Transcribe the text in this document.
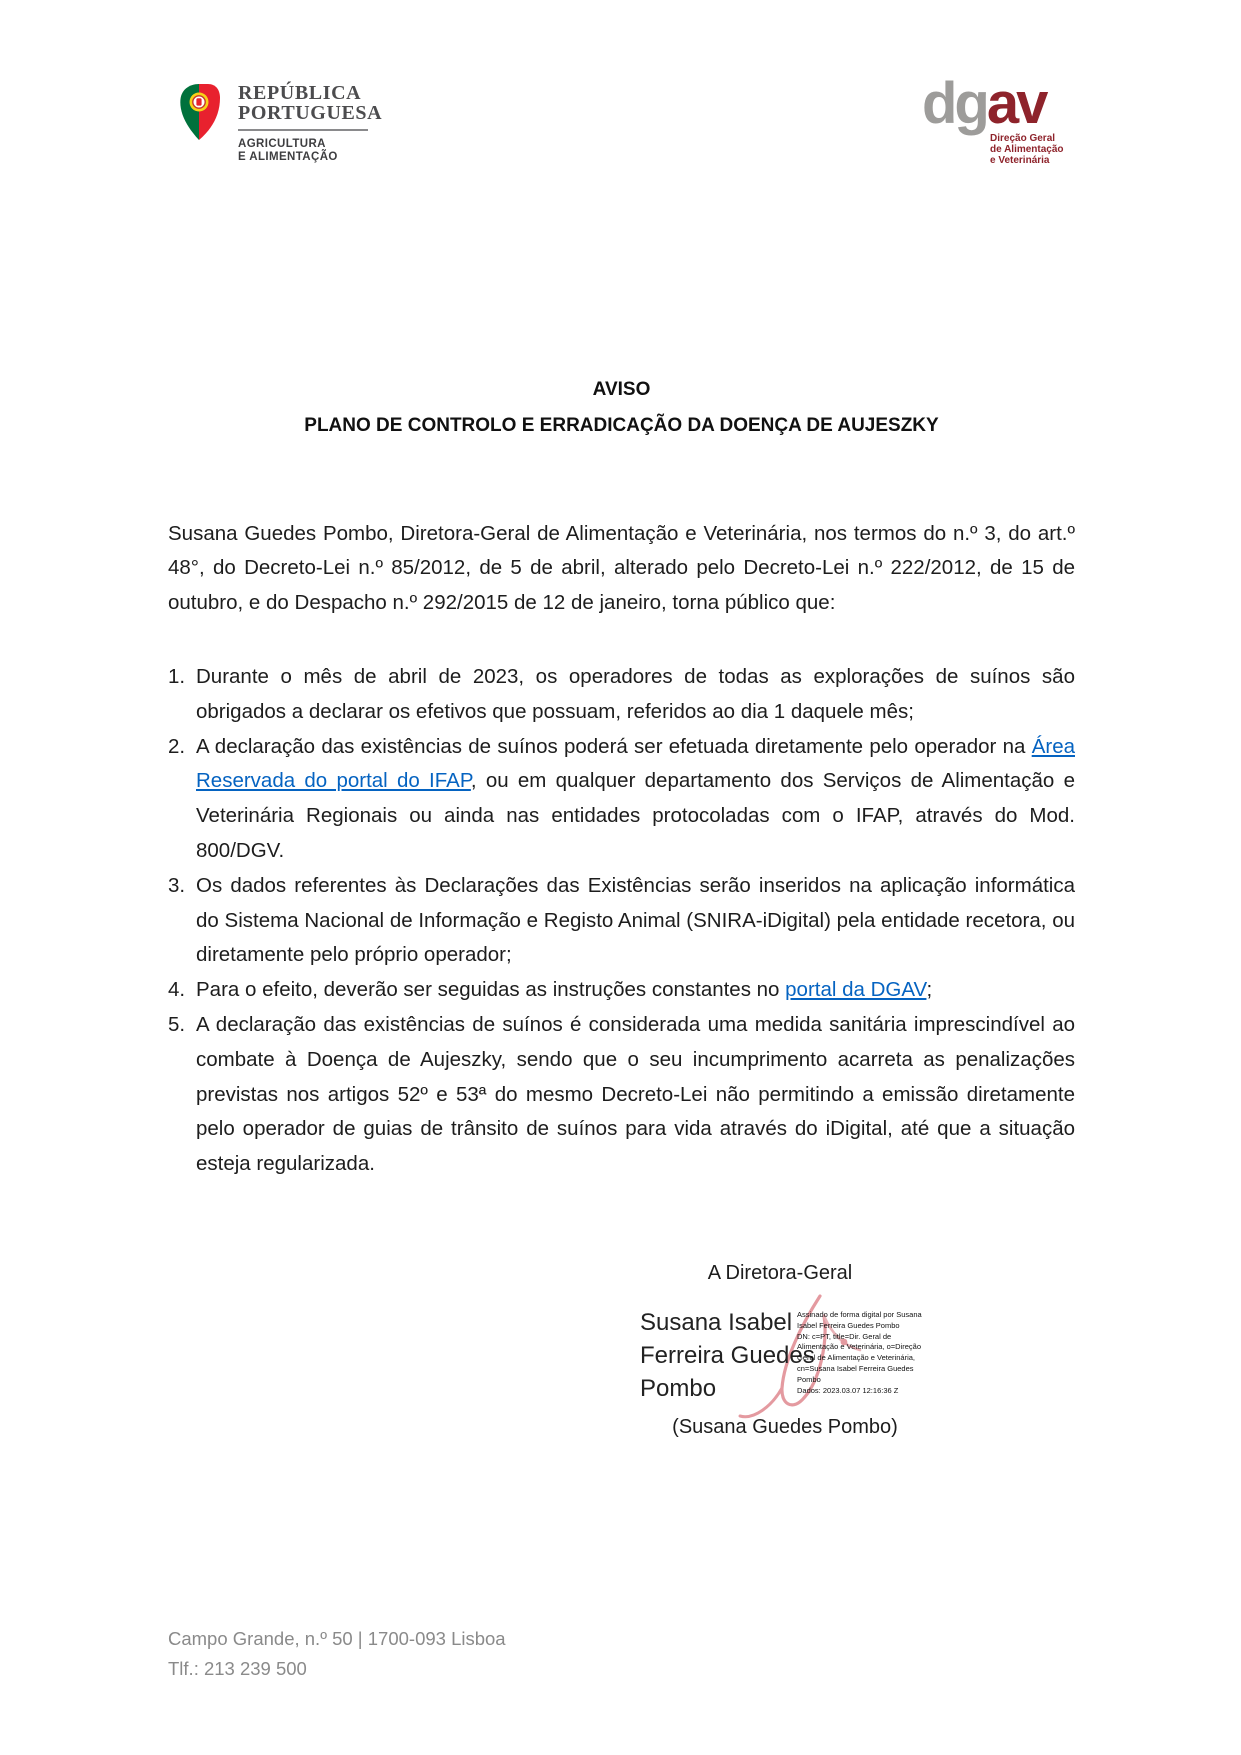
REPÚBLICA
PORTUGUESA
AGRICULTURA
E ALIMENTAÇÃO
dgav
Direção Geral
de Alimentação
e Veterinária
AVISO
PLANO DE CONTROLO E ERRADICAÇÃO DA DOENÇA DE AUJESZKY

Susana Guedes Pombo, Diretora-Geral de Alimentação e Veterinária, nos termos do n.º 3, do art.º 48°, do Decreto-Lei n.º 85/2012, de 5 de abril, alterado pelo Decreto-Lei n.º 222/2012, de 15 de outubro, e do Despacho n.º 292/2015 de 12 de janeiro, torna público que:

1. Durante o mês de abril de 2023, os operadores de todas as explorações de suínos são obrigados a declarar os efetivos que possuam, referidos ao dia 1 daquele mês;
2. A declaração das existências de suínos poderá ser efetuada diretamente pelo operador na Área Reservada do portal do IFAP, ou em qualquer departamento dos Serviços de Alimentação e Veterinária Regionais ou ainda nas entidades protocoladas com o IFAP, através do Mod. 800/DGV.
3. Os dados referentes às Declarações das Existências serão inseridos na aplicação informática do Sistema Nacional de Informação e Registo Animal (SNIRA-iDigital) pela entidade recetora, ou diretamente pelo próprio operador;
4. Para o efeito, deverão ser seguidas as instruções constantes no portal da DGAV;
5. A declaração das existências de suínos é considerada uma medida sanitária imprescindível ao combate à Doença de Aujeszky, sendo que o seu incumprimento acarreta as penalizações previstas nos artigos 52º e 53ª do mesmo Decreto-Lei não permitindo a emissão diretamente pelo operador de guias de trânsito de suínos para vida através do iDigital, até que a situação esteja regularizada.
A Diretora-Geral
Susana Isabel Ferreira Guedes Pombo
Assinado de forma digital por Susana
Isabel Ferreira Guedes Pombo
DN: c=PT, title=Dir. Geral de
Alimentação e Veterinária, o=Direção
Geral de Alimentação e Veterinária,
cn=Susana Isabel Ferreira Guedes
Pombo
Dados: 2023.03.07 12:16:36 Z
(Susana Guedes Pombo)
Campo Grande, n.º 50 | 1700-093 Lisboa
Tlf.: 213 239 500
